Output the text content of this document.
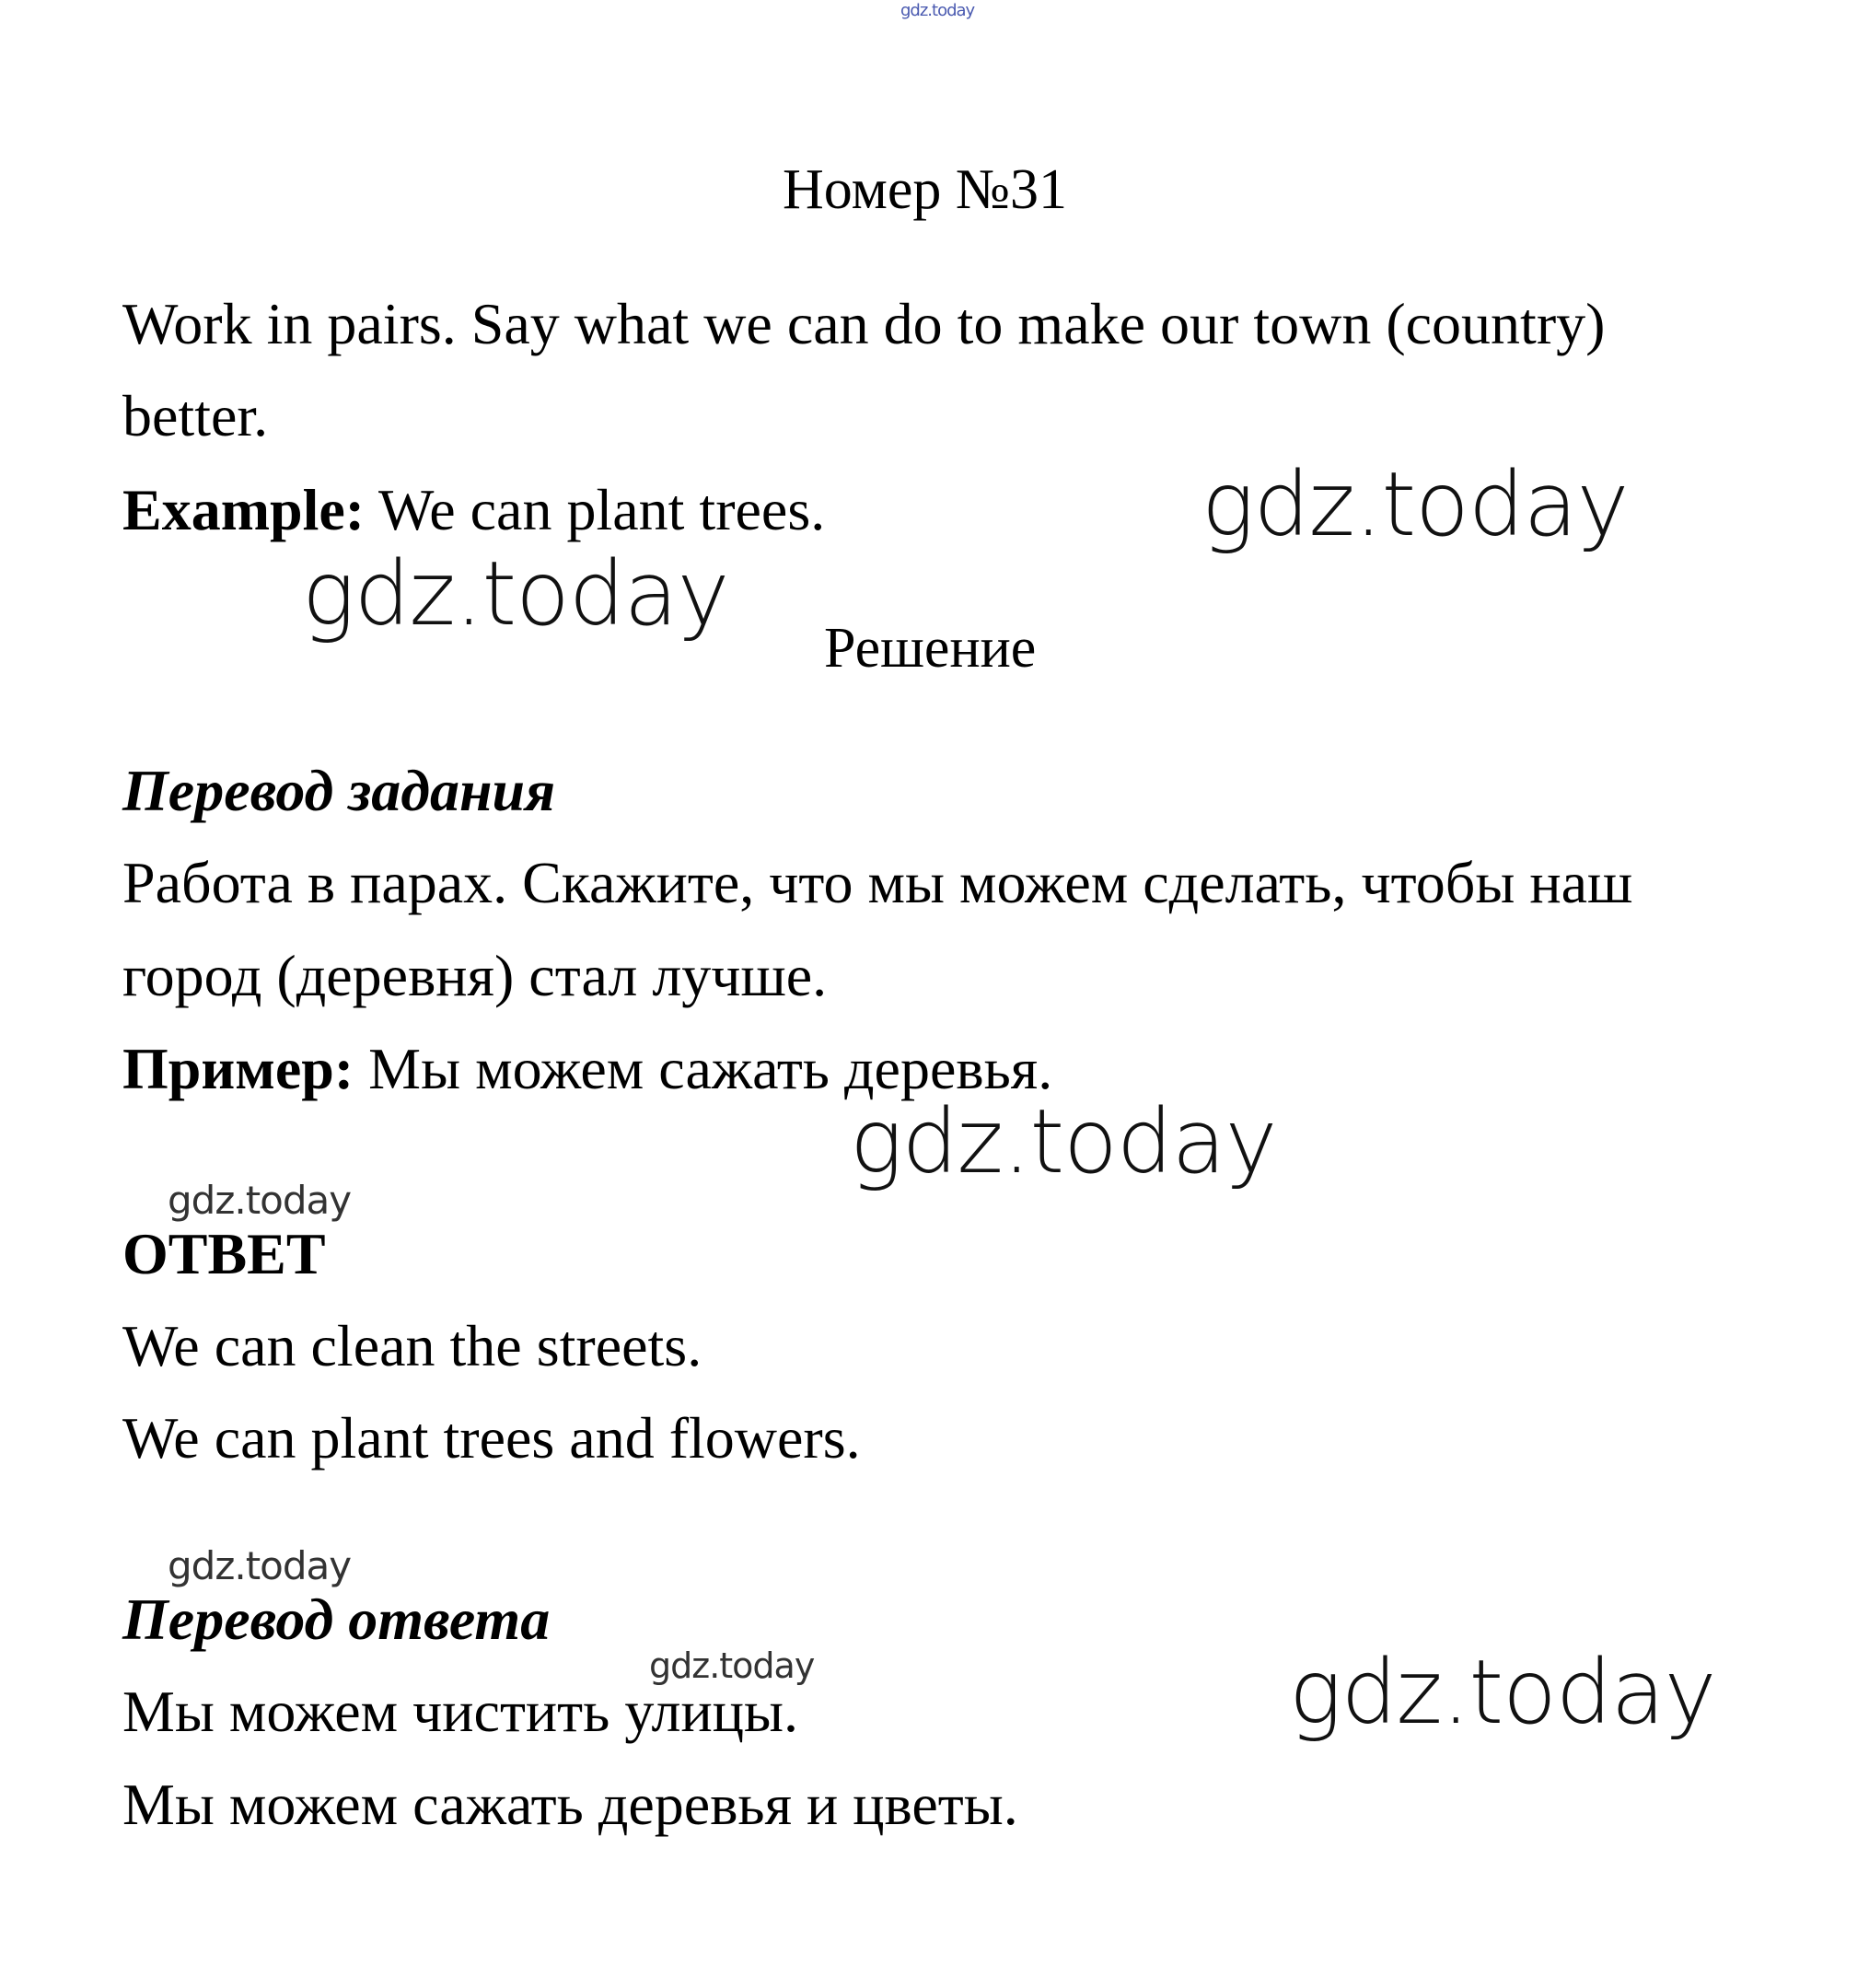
gdz.today
Номер №31
Work in pairs. Say what we can do to make our town (country)
better.
Example: We can plant trees.	gdz.today
gdz.today
Решение
Перевод задания
Работа в парах. Скажите, что мы можем сделать, чтобы наш
город (деревня) стал лучше.
Пример: Мы можем сажать деревья.
gdz.today
gdz.today
ОТВЕТ
We can clean the streets.
We can plant trees and flowers.
gdz.today
gdz.today	gdz.today
Перевод ответа
Мы можем чистить улицы.
Мы можем сажать деревья и цветы.
